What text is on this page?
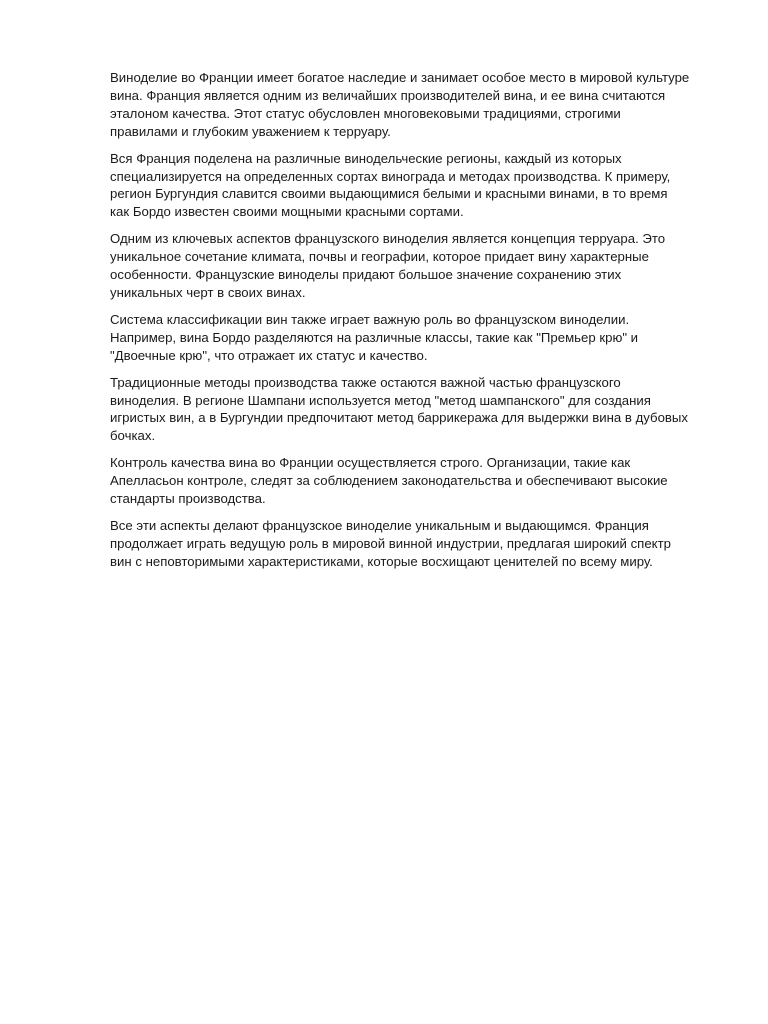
Виноделие во Франции имеет богатое наследие и занимает особое место в мировой культуре вина. Франция является одним из величайших производителей вина, и ее вина считаются эталоном качества. Этот статус обусловлен многовековыми традициями, строгими правилами и глубоким уважением к терруару.

Вся Франция поделена на различные винодельческие регионы, каждый из которых специализируется на определенных сортах винограда и методах производства. К примеру, регион Бургундия славится своими выдающимися белыми и красными винами, в то время как Бордо известен своими мощными красными сортами.

Одним из ключевых аспектов французского виноделия является концепция терруара. Это уникальное сочетание климата, почвы и географии, которое придает вину характерные особенности. Французские виноделы придают большое значение сохранению этих уникальных черт в своих винах.

Система классификации вин также играет важную роль во французском виноделии. Например, вина Бордо разделяются на различные классы, такие как "Премьер крю" и "Двоечные крю", что отражает их статус и качество.

Традиционные методы производства также остаются важной частью французского виноделия. В регионе Шампани используется метод "метод шампанского" для создания игристых вин, а в Бургундии предпочитают метод баррикеража для выдержки вина в дубовых бочках.

Контроль качества вина во Франции осуществляется строго. Организации, такие как Апелласьон контроле, следят за соблюдением законодательства и обеспечивают высокие стандарты производства.

Все эти аспекты делают французское виноделие уникальным и выдающимся. Франция продолжает играть ведущую роль в мировой винной индустрии, предлагая широкий спектр вин с неповторимыми характеристиками, которые восхищают ценителей по всему миру.
